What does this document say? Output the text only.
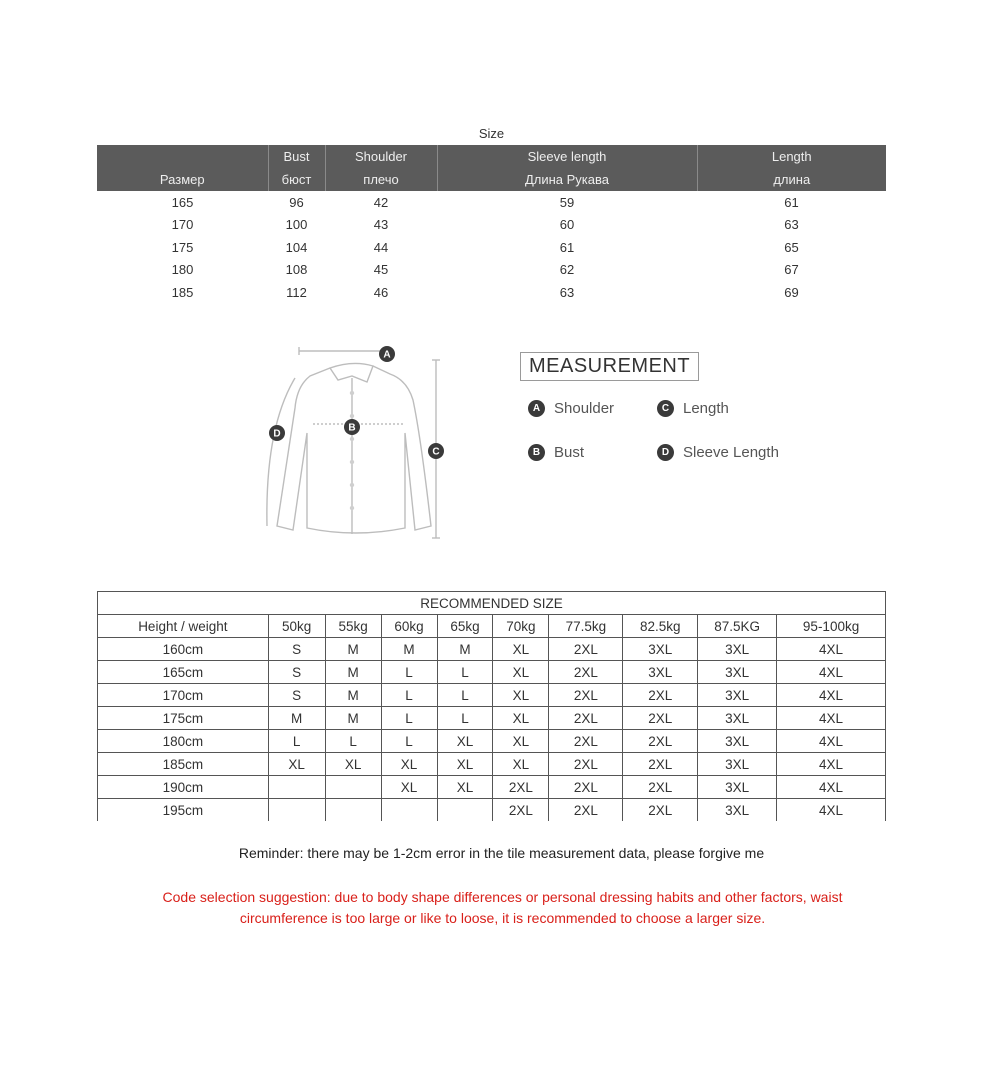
Size
	Bust	Shoulder	Sleeve length	Length
Размер	бюст	плечо	Длина Рукава	длина
165	96	42	59	61
170	100	43	60	63
175	104	44	61	65
180	108	45	62	67
185	112	46	63	69
A
B
C
D
MEASUREMENT
A Shoulder
B Bust
C Length
D Sleeve Length
RECOMMENDED SIZE									
Height / weight	50kg	55kg	60kg	65kg	70kg	77.5kg	82.5kg	87.5KG	95-100kg
160cm	S	M	M	M	XL	2XL	3XL	3XL	4XL
165cm	S	M	L	L	XL	2XL	3XL	3XL	4XL
170cm	S	M	L	L	XL	2XL	2XL	3XL	4XL
175cm	M	M	L	L	XL	2XL	2XL	3XL	4XL
180cm	L	L	L	XL	XL	2XL	2XL	3XL	4XL
185cm	XL	XL	XL	XL	XL	2XL	2XL	3XL	4XL
190cm			XL	XL	2XL	2XL	2XL	3XL	4XL
195cm					2XL	2XL	2XL	3XL	4XL
Reminder: there may be 1-2cm error in the tile measurement data, please forgive me
Code selection suggestion: due to body shape differences or personal dressing habits and other factors, waist circumference is too large or like to loose, it is recommended to choose a larger size.
